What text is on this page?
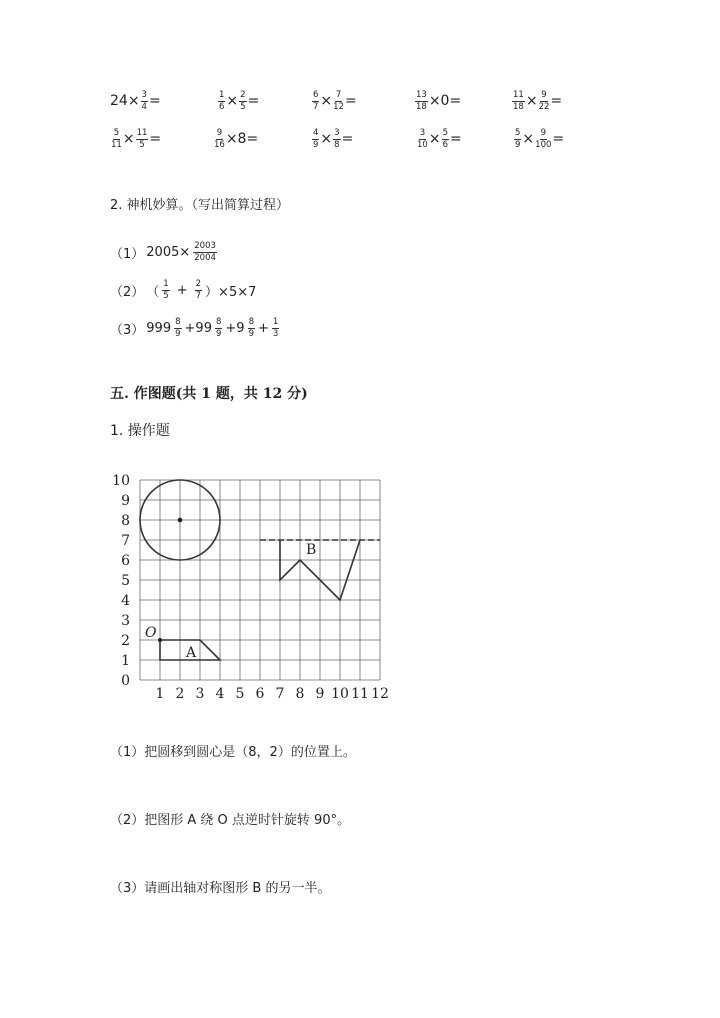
$24\times \frac{3}{4}$ =	$\frac{1}{6} \times \frac{2}{5}$ =	$\frac{6}{7} \times \frac{7}{12}$ =	$\frac{13}{18} \times 0=$	$\frac{11}{18} \times \frac{9}{22}$ =
$\frac{5}{11} \times \frac{11}{5}$ =	$\frac{9}{16} \times 8=$	$\frac{4}{9} \times \frac{3}{8}$ =	$\frac{3}{10} \times \frac{5}{6}$ =	$\frac{5}{9} \times \frac{9}{100}$ =
2. 神机妙算。（写出简算过程）
（1） $2005\times \frac{2003}{2004}$
（2） （ $\frac{1}{5} + \frac{2}{7} )\times 5\times 7$
（3） $999 \frac{8}{9} +99 \frac{8}{9} +9 \frac{8}{9} + \frac{1}{3}$
五. 作图题(共 1 题，共 12 分)
1. 操作题
0
1
2
3
4
5
6
7
8
9
10
1 2 3 4 5 6 7 8 9 10 11 12
O
A
B
（1）把圆移到圆心是（8，2）的位置上。
（2）把图形 A 绕 O 点逆时针旋转 90°。
（3）请画出轴对称图形 B 的另一半。
